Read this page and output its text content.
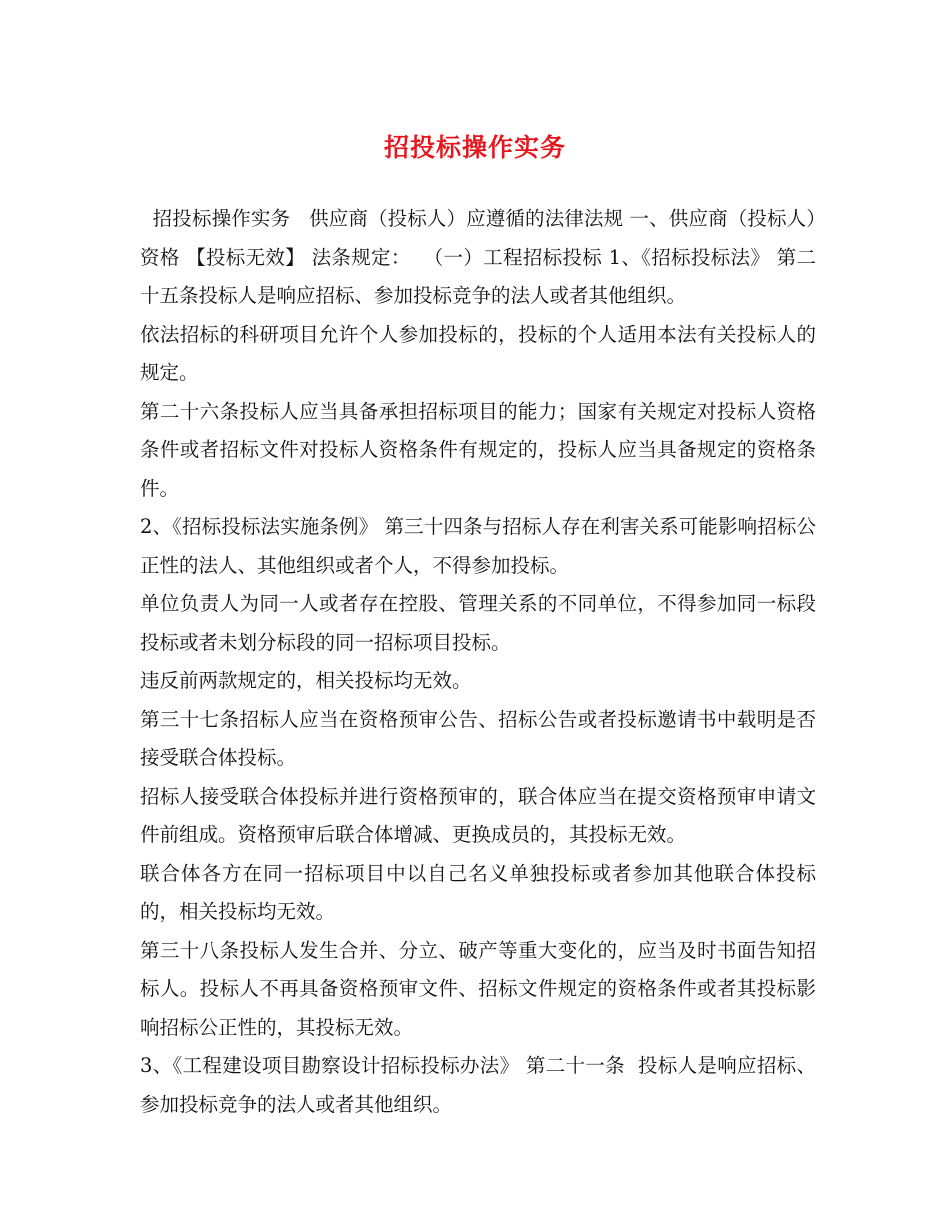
招投标操作实务

招投标操作实务   供应商（投标人）应遵循的法律法规 一、供应商（投标人）资格 【投标无效】 法条规定：  （一）工程招标投标 1、《招标投标法》 第二十五条投标人是响应招标、参加投标竞争的法人或者其他组织。

依法招标的科研项目允许个人参加投标的，投标的个人适用本法有关投标人的规定。

第二十六条投标人应当具备承担招标项目的能力；国家有关规定对投标人资格条件或者招标文件对投标人资格条件有规定的，投标人应当具备规定的资格条件。

2、《招标投标法实施条例》 第三十四条与招标人存在利害关系可能影响招标公正性的法人、其他组织或者个人，不得参加投标。

单位负责人为同一人或者存在控股、管理关系的不同单位，不得参加同一标段投标或者未划分标段的同一招标项目投标。

违反前两款规定的，相关投标均无效。

第三十七条招标人应当在资格预审公告、招标公告或者投标邀请书中载明是否接受联合体投标。

招标人接受联合体投标并进行资格预审的，联合体应当在提交资格预审申请文件前组成。资格预审后联合体增减、更换成员的，其投标无效。

联合体各方在同一招标项目中以自己名义单独投标或者参加其他联合体投标的，相关投标均无效。

第三十八条投标人发生合并、分立、破产等重大变化的，应当及时书面告知招标人。投标人不再具备资格预审文件、招标文件规定的资格条件或者其投标影响招标公正性的，其投标无效。

3、《工程建设项目勘察设计招标投标办法》 第二十一条  投标人是响应招标、参加投标竞争的法人或者其他组织。
